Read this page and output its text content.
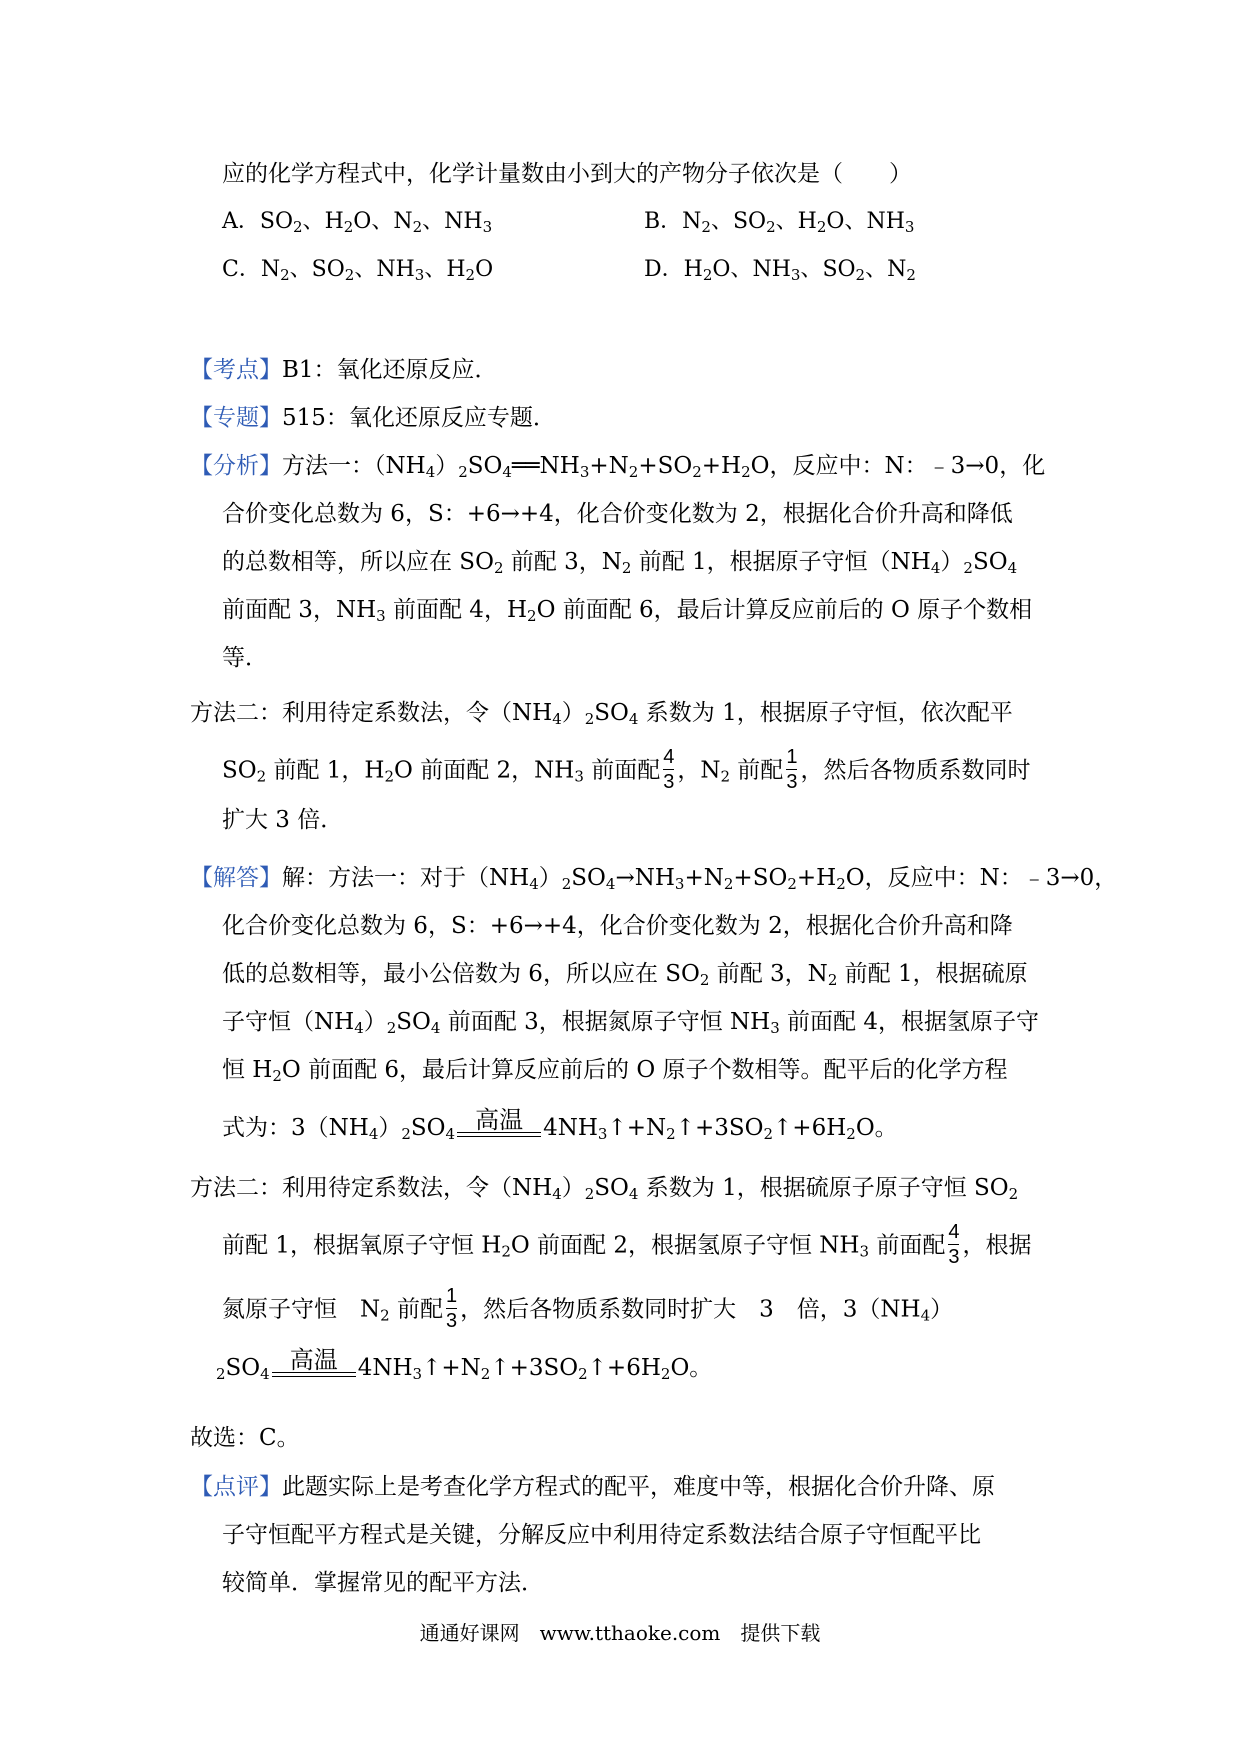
应的化学方程式中，化学计量数由小到大的产物分子依次是（　　）
A．$SO_2$、$H_2O$、$N_2$、$NH_3$	B．$N_2$、$SO_2$、$H_2O$、$NH_3$
C．$N_2$、$SO_2$、$NH_3$、$H_2O$	D．$H_2O$、$NH_3$、$SO_2$、$N_2$
【考点】B1：氧化还原反应．
【专题】515：氧化还原反应专题．
【分析】方法一：$(NH_4)_2SO_4══NH_3+N_2+SO_2+H_2O$，反应中：N：﹣3→0，化
合价变化总数为 6，S：+6→+4，化合价变化数为 2，根据化合价升高和降低
的总数相等，所以应在 $SO_2$ 前配 3，$N_2$ 前配 1，根据原子守恒$(NH_4)_2SO_4$
前面配 3，$NH_3$ 前面配 4，$H_2O$ 前面配 6，最后计算反应前后的 O 原子个数相
等．
方法二：利用待定系数法，令$(NH_4)_2SO_4$ 系数为 1，根据原子守恒，依次配平
$SO_2$ 前配 1，$H_2O$ 前面配 2，$NH_3$ 前面配 $\frac{4}{3}$ ，$N_2$ 前配 $\frac{1}{3}$ ，然后各物质系数同时
扩大 3 倍．
【解答】解：方法一：对于$(NH_4)_2SO_4\to NH_3+N_2+SO_2+H_2O$，反应中：N：﹣3→0，
化合价变化总数为 6，S：+6→+4，化合价变化数为 2，根据化合价升高和降
低的总数相等，最小公倍数为 6，所以应在 $SO_2$ 前配 3，$N_2$ 前配 1，根据硫原
子守恒$(NH_4)_2SO_4$ 前面配 3，根据氮原子守恒 $NH_3$ 前面配 4，根据氢原子守
恒 $H_2O$ 前面配 6，最后计算反应前后的 O 原子个数相等。配平后的化学方程
式为：$3(NH_4)_2SO_4$ 高温 $4NH_3↑+N_2↑+3SO_2↑+6H_2O$。
方法二：利用待定系数法，令$(NH_4)_2SO_4$ 系数为 1，根据硫原子原子守恒 $SO_2$
前配 1，根据氧原子守恒 $H_2O$ 前面配 2，根据氢原子守恒 $NH_3$ 前面配 $\frac{4}{3}$ ，根据
氮原子守恒　$N_2$ 前配 $\frac{1}{3}$ ，然后各物质系数同时扩大　3　倍，$3(NH_4)$
$_2SO_4$ 高温 $4NH_3↑+N_2↑+3SO_2↑+6H_2O$。
故选：C。
【点评】此题实际上是考查化学方程式的配平，难度中等，根据化合价升降、原
子守恒配平方程式是关键，分解反应中利用待定系数法结合原子守恒配平比
较简单．掌握常见的配平方法．
通通好课网　www.tthaoke.com　提供下载
